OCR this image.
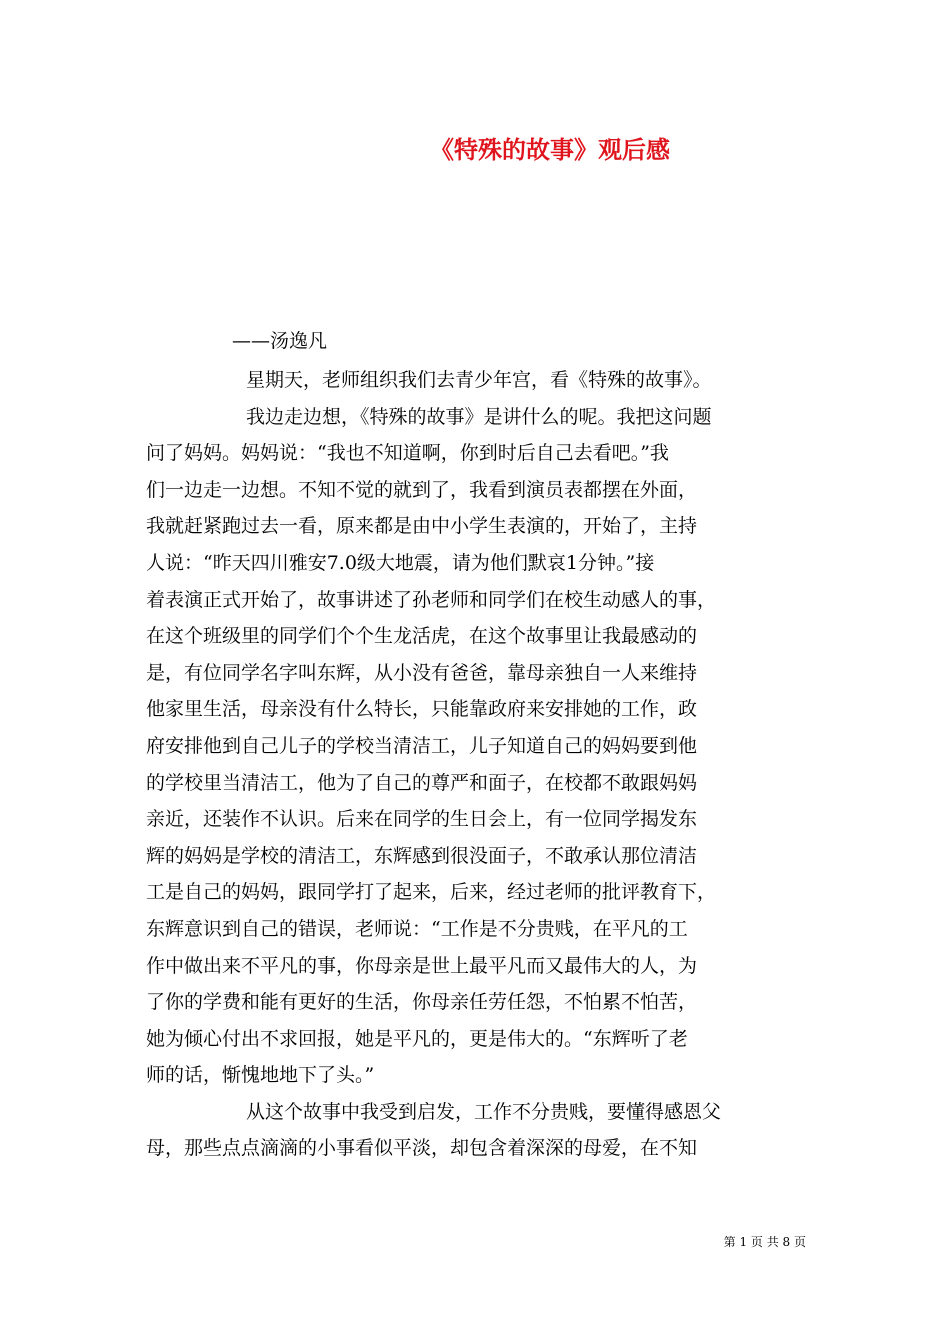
《特殊的故事》观后感
——汤逸凡
星期天，老师组织我们去青少年宫，看《特殊的故事》。
我边走边想，《特殊的故事》是讲什么的呢。我把这问题
问了妈妈。妈妈说：“我也不知道啊，你到时后自己去看吧。”我
们一边走一边想。不知不觉的就到了，我看到演员表都摆在外面，
我就赶紧跑过去一看，原来都是由中小学生表演的，开始了，主持
人说：“昨天四川雅安7.0级大地震，请为他们默哀1分钟。”接
着表演正式开始了，故事讲述了孙老师和同学们在校生动感人的事，
在这个班级里的同学们个个生龙活虎，在这个故事里让我最感动的
是，有位同学名字叫东辉，从小没有爸爸，靠母亲独自一人来维持
他家里生活，母亲没有什么特长，只能靠政府来安排她的工作，政
府安排他到自己儿子的学校当清洁工，儿子知道自己的妈妈要到他
的学校里当清洁工，他为了自己的尊严和面子，在校都不敢跟妈妈
亲近，还装作不认识。后来在同学的生日会上，有一位同学揭发东
辉的妈妈是学校的清洁工，东辉感到很没面子，不敢承认那位清洁
工是自己的妈妈，跟同学打了起来，后来，经过老师的批评教育下，
东辉意识到自己的错误，老师说：“工作是不分贵贱，在平凡的工
作中做出来不平凡的事，你母亲是世上最平凡而又最伟大的人，为
了你的学费和能有更好的生活，你母亲任劳任怨，不怕累不怕苦，
她为倾心付出不求回报，她是平凡的，更是伟大的。“东辉听了老
师的话，惭愧地地下了头。”
从这个故事中我受到启发，工作不分贵贱，要懂得感恩父
母，那些点点滴滴的小事看似平淡，却包含着深深的母爱，在不知
第 1 页 共 8 页
